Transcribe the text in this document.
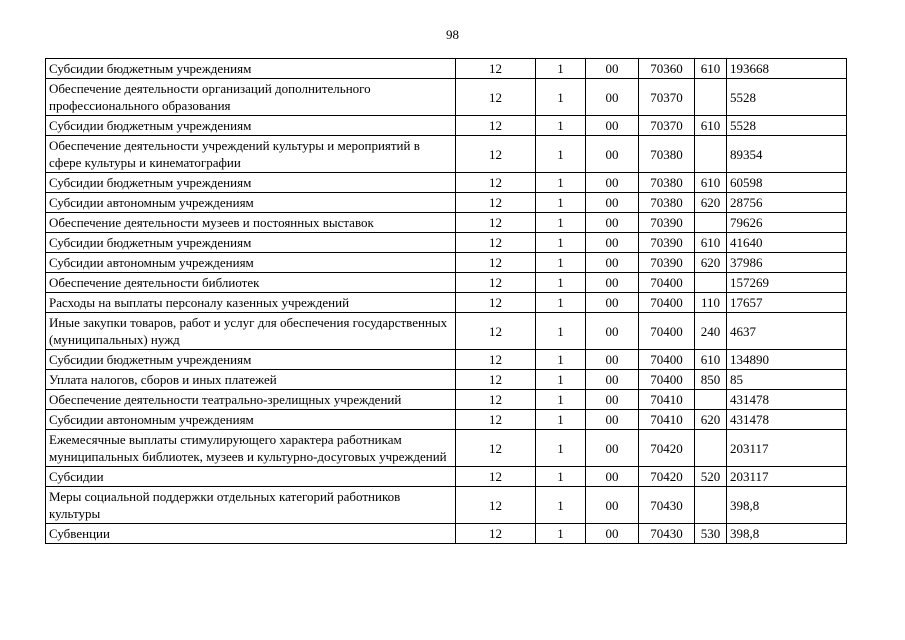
98
Субсидии бюджетным учреждениям	12	1	00	70360	610	193668
Обеспечение деятельности организаций дополнительного профессионального образования	12	1	00	70370		5528
Субсидии бюджетным учреждениям	12	1	00	70370	610	5528
Обеспечение деятельности учреждений культуры и мероприятий в сфере культуры и кинематографии	12	1	00	70380		89354
Субсидии бюджетным учреждениям	12	1	00	70380	610	60598
Субсидии автономным учреждениям	12	1	00	70380	620	28756
Обеспечение деятельности музеев и постоянных выставок	12	1	00	70390		79626
Субсидии бюджетным учреждениям	12	1	00	70390	610	41640
Субсидии автономным учреждениям	12	1	00	70390	620	37986
Обеспечение деятельности библиотек	12	1	00	70400		157269
Расходы на выплаты персоналу казенных учреждений	12	1	00	70400	110	17657
Иные закупки товаров, работ и услуг для обеспечения государственных (муниципальных) нужд	12	1	00	70400	240	4637
Субсидии бюджетным учреждениям	12	1	00	70400	610	134890
Уплата налогов, сборов и иных платежей	12	1	00	70400	850	85
Обеспечение деятельности театрально-зрелищных учреждений	12	1	00	70410		431478
Субсидии автономным учреждениям	12	1	00	70410	620	431478
Ежемесячные выплаты стимулирующего характера работникам муниципальных библиотек, музеев и культурно-досуговых учреждений	12	1	00	70420		203117
Субсидии	12	1	00	70420	520	203117
Меры социальной поддержки отдельных категорий работников культуры	12	1	00	70430		398,8
Субвенции	12	1	00	70430	530	398,8
